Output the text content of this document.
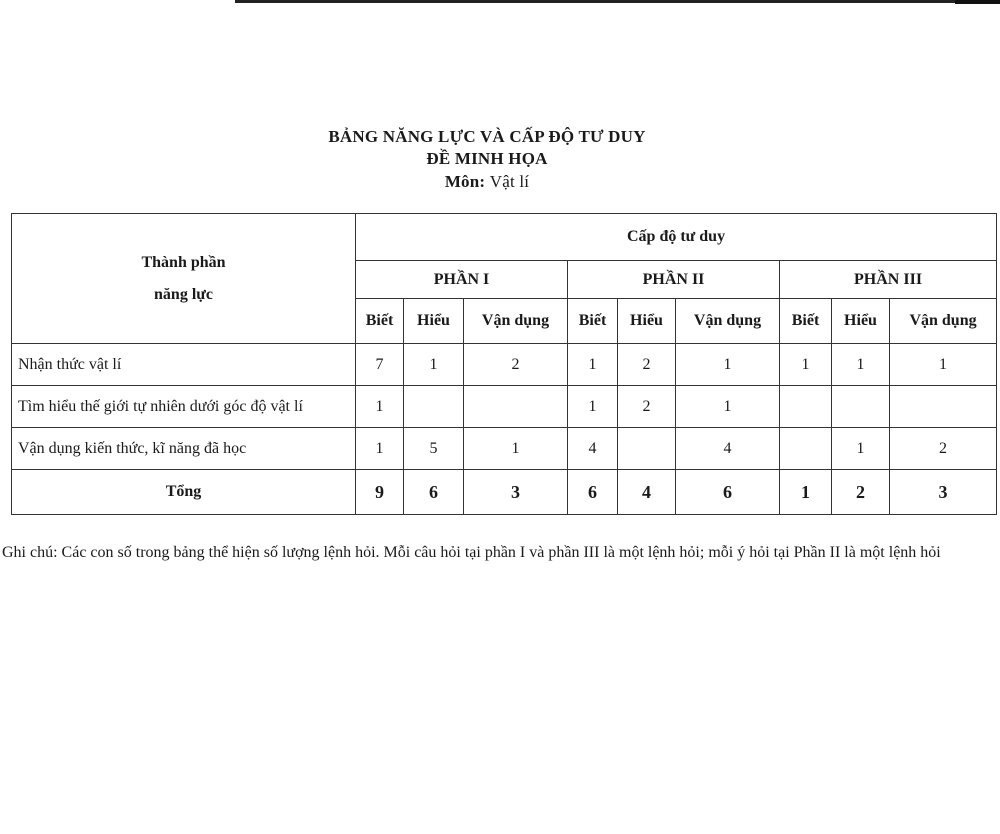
BẢNG NĂNG LỰC VÀ CẤP ĐỘ TƯ DUY
ĐỀ MINH HỌA
Môn: Vật lí
Thành phần
năng lực	Cấp độ tư duy								
	PHẦN I			PHẦN II			PHẦN III		
	Biết	Hiểu	Vận dụng	Biết	Hiểu	Vận dụng	Biết	Hiểu	Vận dụng
Nhận thức vật lí	7	1	2	1	2	1	1	1	1
Tìm hiểu thế giới tự nhiên dưới góc độ vật lí	1			1	2	1			
Vận dụng kiến thức, kĩ năng đã học	1	5	1	4		4		1	2
Tổng	9	6	3	6	4	6	1	2	3
Ghi chú: Các con số trong bảng thể hiện số lượng lệnh hỏi. Mỗi câu hỏi tại phần I và phần III là một lệnh hỏi; mỗi ý hỏi tại Phần II là một lệnh hỏi
